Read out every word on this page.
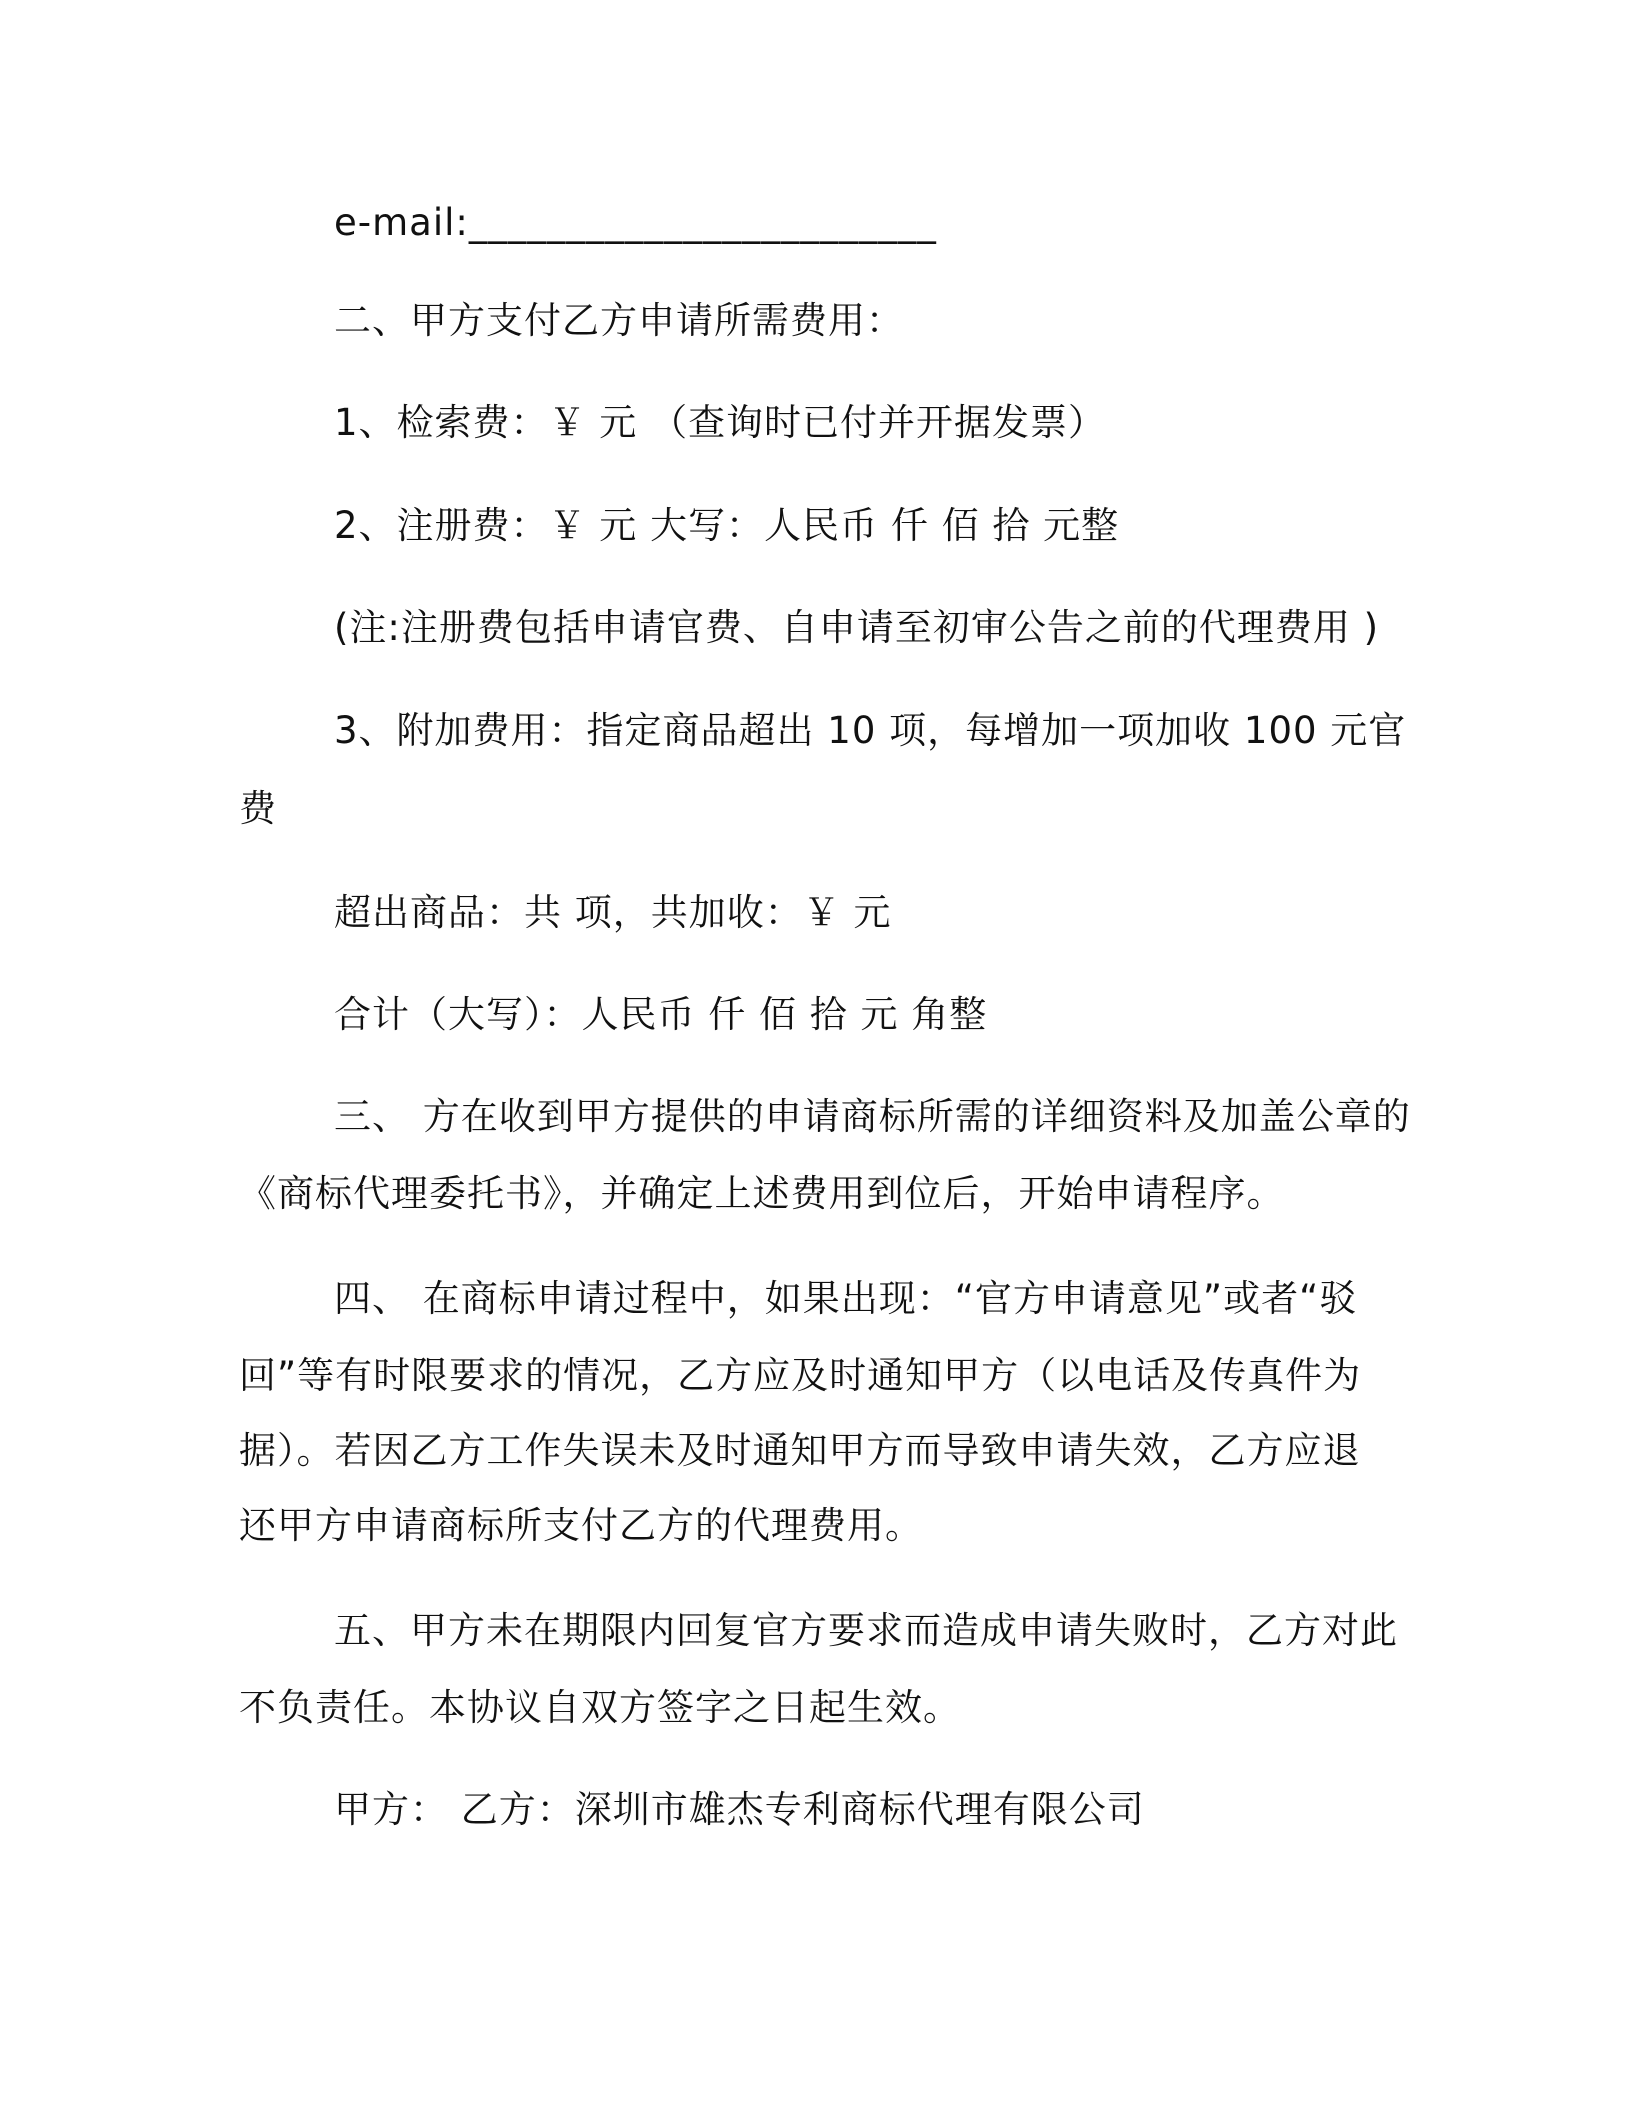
e-mail:________________________

二、甲方支付乙方申请所需费用：

1、检索费：￥ 元 （查询时已付并开据发票）

2、注册费：￥ 元 大写：人民币 仟 佰 拾 元整

(注:注册费包括申请官费、自申请至初审公告之前的代理费用 )

3、附加费用：指定商品超出 10 项，每增加一项加收 100 元官

费

超出商品：共 项，共加收：￥ 元

合计（大写）：人民币 仟 佰 拾 元 角整

三、 方在收到甲方提供的申请商标所需的详细资料及加盖公章的

《商标代理委托书》，并确定上述费用到位后，开始申请程序。

四、 在商标申请过程中，如果出现：“官方申请意见”或者“驳

回”等有时限要求的情况，乙方应及时通知甲方（以电话及传真件为

据）。若因乙方工作失误未及时通知甲方而导致申请失效，乙方应退

还甲方申请商标所支付乙方的代理费用。

五、甲方未在期限内回复官方要求而造成申请失败时，乙方对此

不负责任。本协议自双方签字之日起生效。

甲方： 乙方：深圳市雄杰专利商标代理有限公司
